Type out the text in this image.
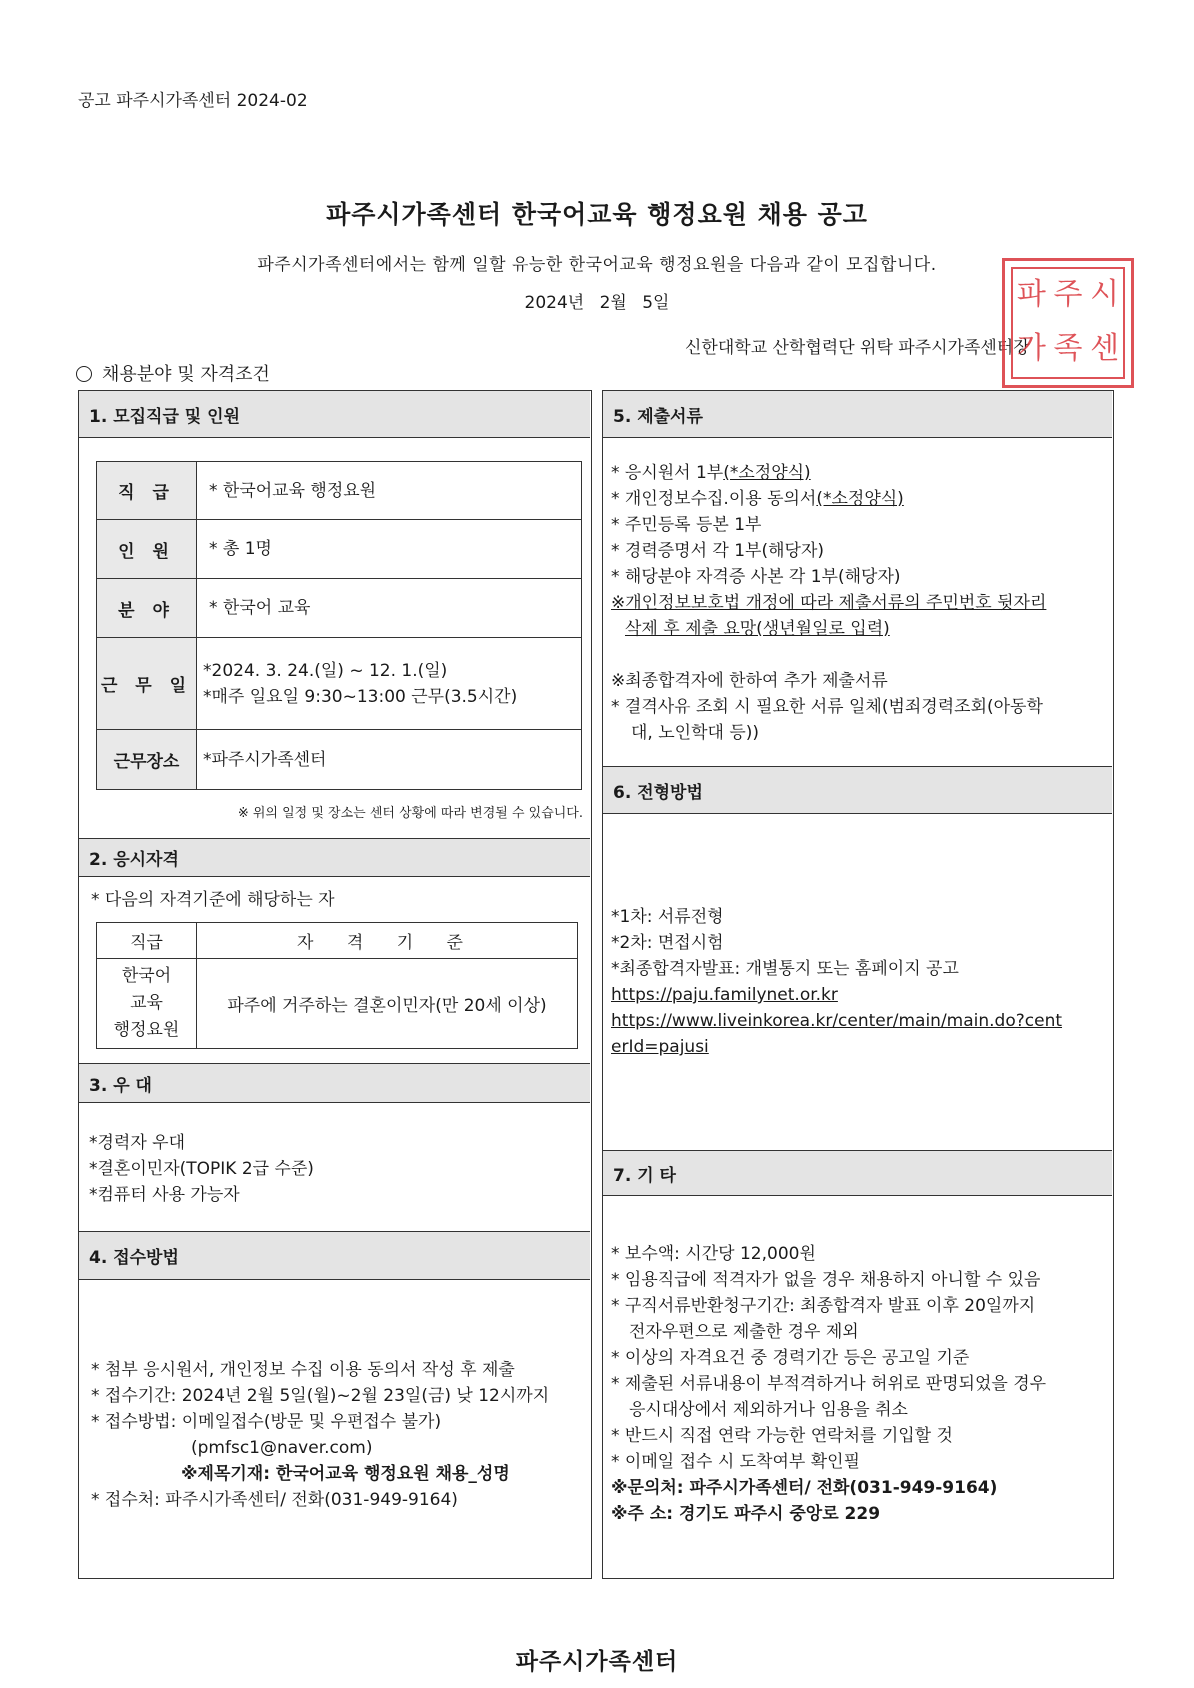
공고 파주시가족센터 2024-02
파주시가족센터 한국어교육 행정요원 채용 공고
파주시가족센터에서는 함께 일할 유능한 한국어교육 행정요원을 다음과 같이 모집합니다.
2024년 2월 5일
신한대학교 산학협력단 위탁 파주시가족센터장
파 주 시
가 족 센
채용분야 및 자격조건
1. 모집직급 및 인원
직 급	* 한국어교육 행정요원
인 원	* 총 1명
분 야	* 한국어 교육
근 무 일	*2024. 3. 24.(일) ~ 12. 1.(일)
*매주 일요일 9:30~13:00 근무(3.5시간)

근무장소	*파주시가족센터
※ 위의 일정 및 장소는 센터 상황에 따라 변경될 수 있습니다.
2. 응시자격
* 다음의 자격기준에 해당하는 자
직급	자 격 기 준

한국어
교육
행정요원	파주에 거주하는 결혼이민자(만 20세 이상)
3. 우 대
*경력자 우대
*결혼이민자(TOPIK 2급 수준)
*컴퓨터 사용 가능자
4. 접수방법
* 첨부 응시원서, 개인정보 수집 이용 동의서 작성 후 제출
* 접수기간: 2024년 2월 5일(월)~2월 23일(금) 낮 12시까지
* 접수방법: 이메일접수(방문 및 우편접수 불가)
(pmfsc1@naver.com)
※제목기재: 한국어교육 행정요원 채용_성명
* 접수처: 파주시가족센터/ 전화(031-949-9164)
5. 제출서류
* 응시원서 1부(*소정양식)
* 개인정보수집.이용 동의서(*소정양식)
* 주민등록 등본 1부
* 경력증명서 각 1부(해당자)
* 해당분야 자격증 사본 각 1부(해당자)
※개인정보보호법 개정에 따라 제출서류의 주민번호 뒷자리
삭제 후 제출 요망(생년월일로 입력)
※최종합격자에 한하여 추가 제출서류
* 결격사유 조회 시 필요한 서류 일체(범죄경력조회(아동학
대, 노인학대 등))
6. 전형방법
*1차: 서류전형
*2차: 면접시험
*최종합격자발표: 개별통지 또는 홈페이지 공고
https://paju.familynet.or.kr
https://www.liveinkorea.kr/center/main/main.do?cent
erId=pajusi
7. 기 타
* 보수액: 시간당 12,000원
* 임용직급에 적격자가 없을 경우 채용하지 아니할 수 있음
* 구직서류반환청구기간: 최종합격자 발표 이후 20일까지
전자우편으로 제출한 경우 제외
* 이상의 자격요건 중 경력기간 등은 공고일 기준
* 제출된 서류내용이 부적격하거나 허위로 판명되었을 경우
응시대상에서 제외하거나 임용을 취소
* 반드시 직접 연락 가능한 연락처를 기입할 것
* 이메일 접수 시 도착여부 확인필
※문의처: 파주시가족센터/ 전화(031-949-9164)
※주 소: 경기도 파주시 중앙로 229
파주시가족센터
